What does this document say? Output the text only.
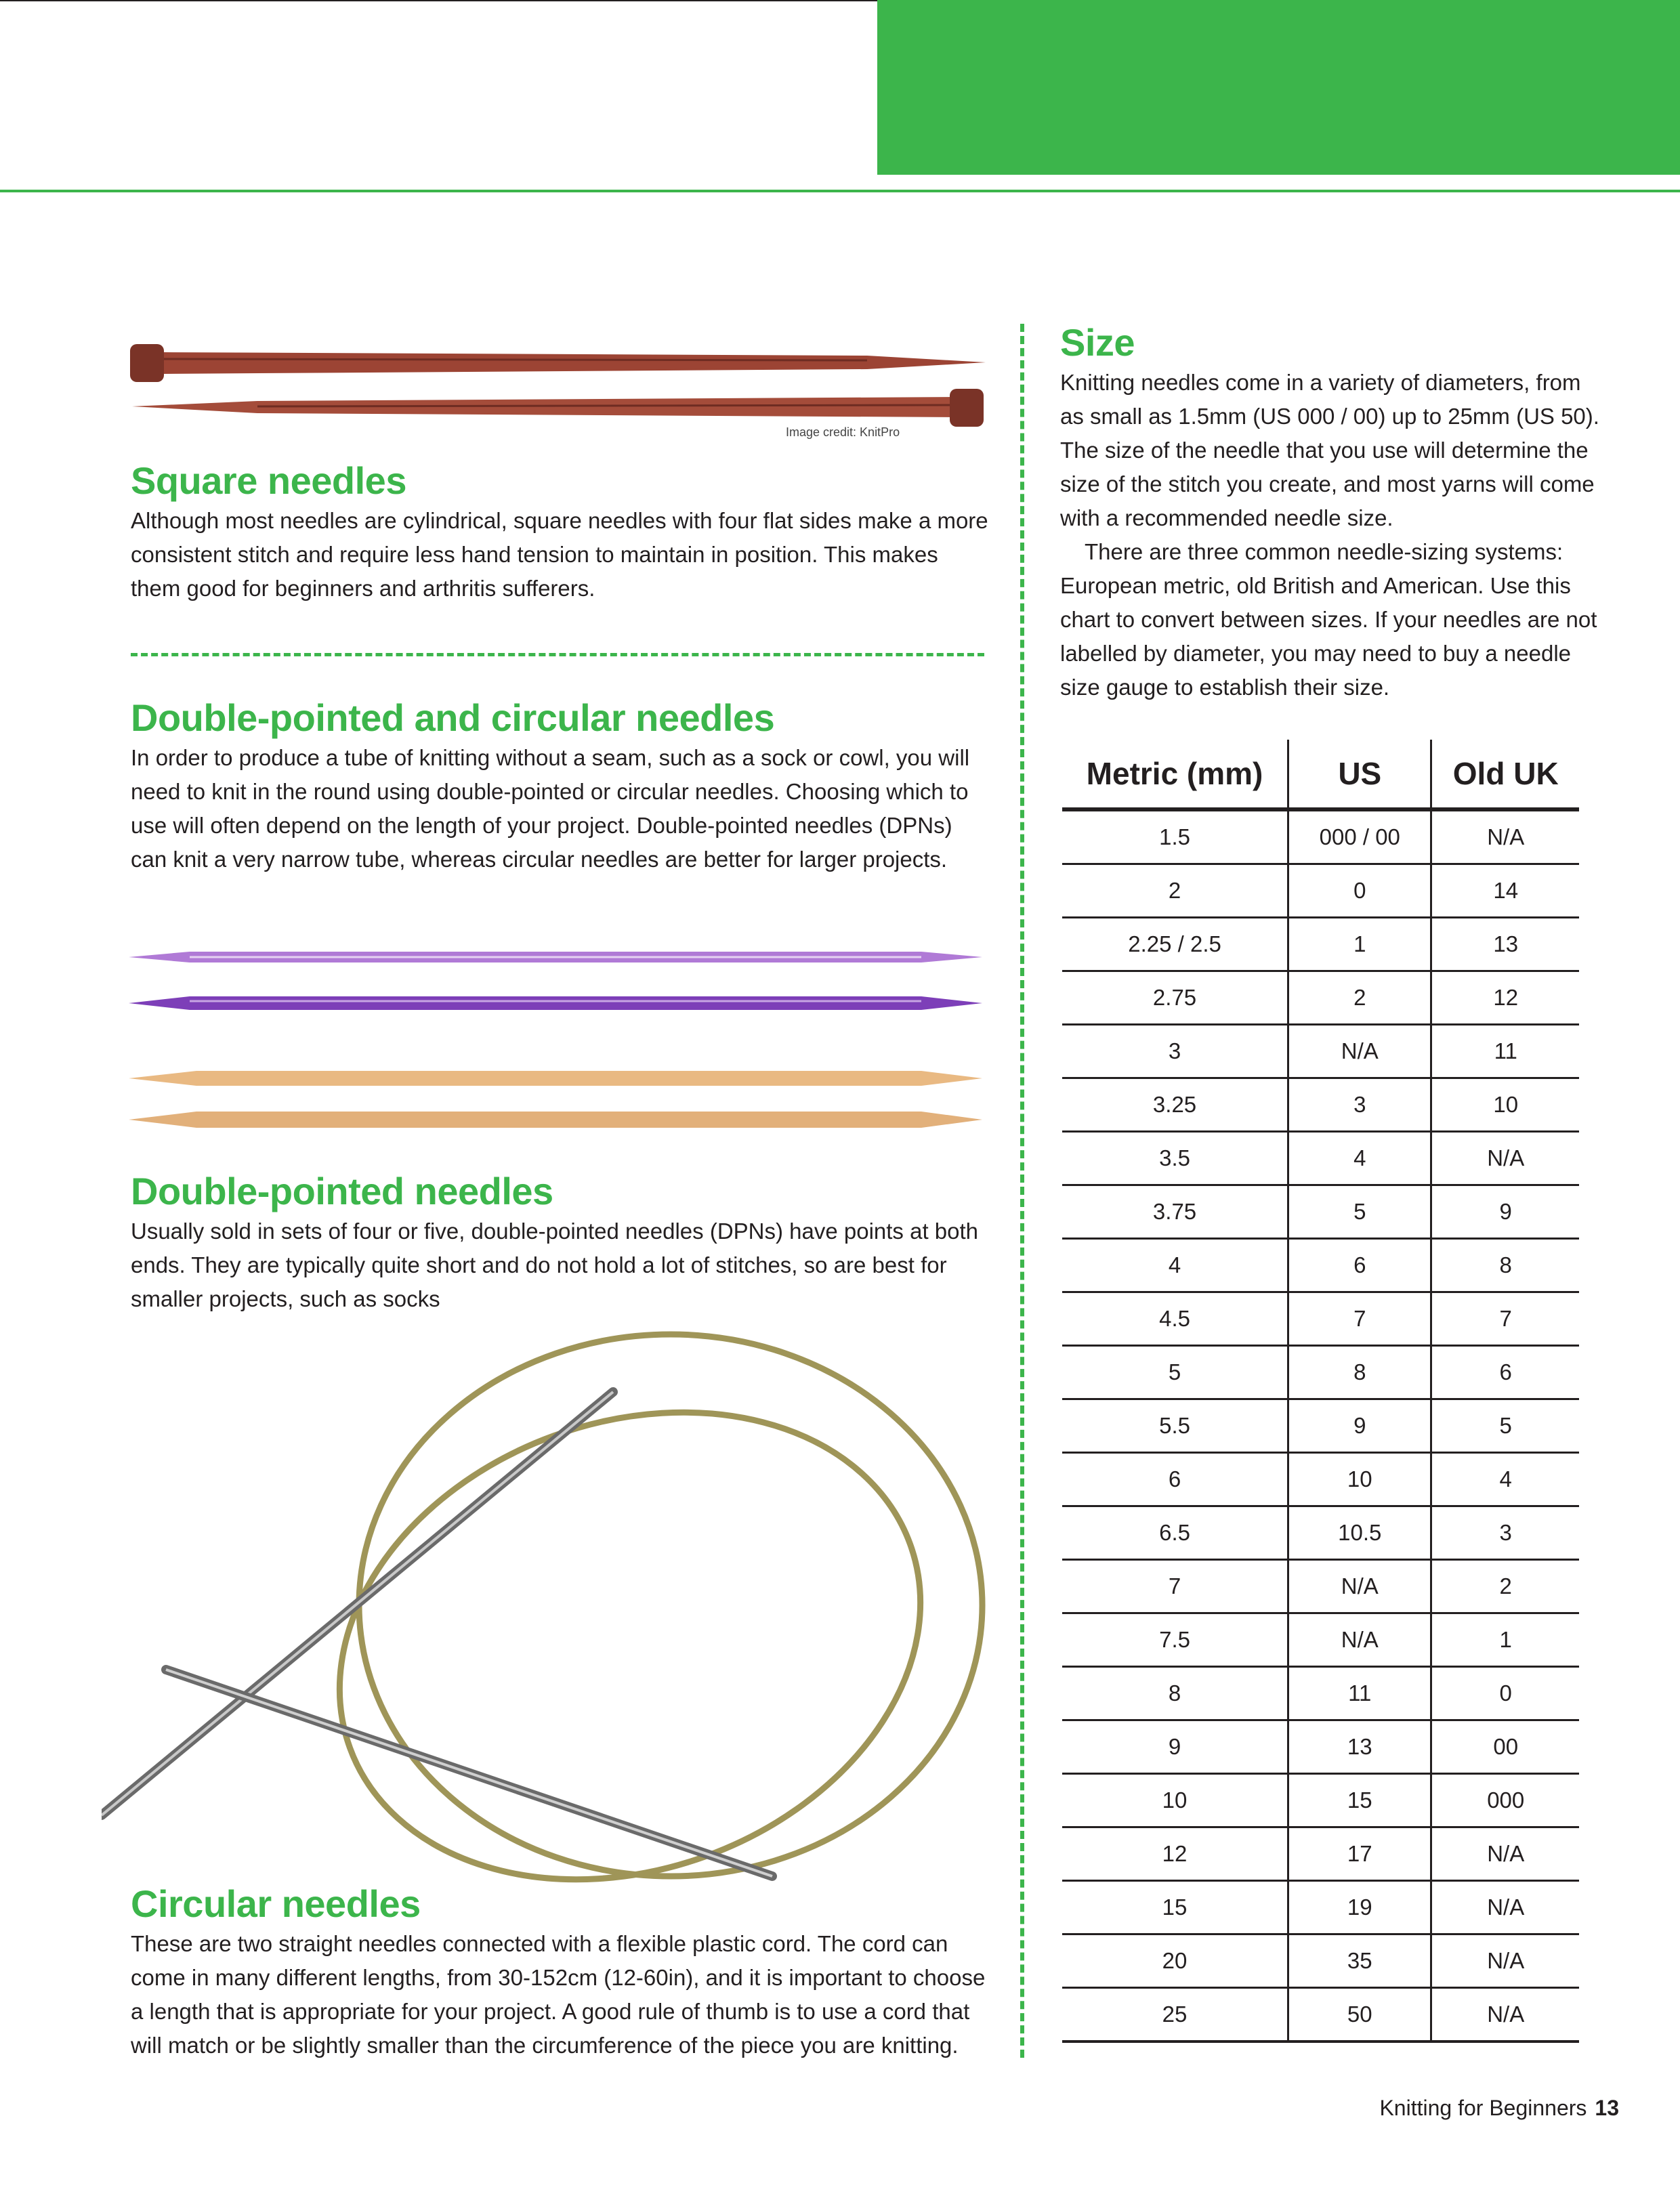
Image credit: KnitPro
Square needles

Although most needles are cylindrical, square needles with four flat sides make a more consistent stitch and require less hand tension to maintain in position. This makes them good for beginners and arthritis sufferers.

Double-pointed and circular needles

In order to produce a tube of knitting without a seam, such as a sock or cowl, you will need to knit in the round using double-pointed or circular needles. Choosing which to use will often depend on the length of your project. Double-pointed needles (DPNs) can knit a very narrow tube, whereas circular needles are better for larger projects.

Double-pointed needles

Usually sold in sets of four or five, double-pointed needles (DPNs) have points at both ends. They are typically quite short and do not hold a lot of stitches, so are best for smaller projects, such as socks

Circular needles

These are two straight needles connected with a flexible plastic cord. The cord can come in many different lengths, from 30-152cm (12-60in), and it is important to choose a length that is appropriate for your project. A good rule of thumb is to use a cord that will match or be slightly smaller than the circumference of the piece you are knitting.

Size

Knitting needles come in a variety of diameters, from as small as 1.5mm (US 000 / 00) up to 25mm (US 50). The size of the needle that you use will determine the size of the stitch you create, and most yarns will come with a recommended needle size.

There are three common needle-sizing systems: European metric, old British and American. Use this chart to convert between sizes. If your needles are not labelled by diameter, you may need to buy a needle size gauge to establish their size.

Metric (mm)	US	Old UK
1.5	000 / 00	N/A
2	0	14
2.25 / 2.5	1	13
2.75	2	12
3	N/A	11
3.25	3	10
3.5	4	N/A
3.75	5	9
4	6	8
4.5	7	7
5	8	6
5.5	9	5
6	10	4
6.5	10.5	3
7	N/A	2
7.5	N/A	1
8	11	0
9	13	00
10	15	000
12	17	N/A
15	19	N/A
20	35	N/A
25	50	N/A
Knitting for Beginners 13
